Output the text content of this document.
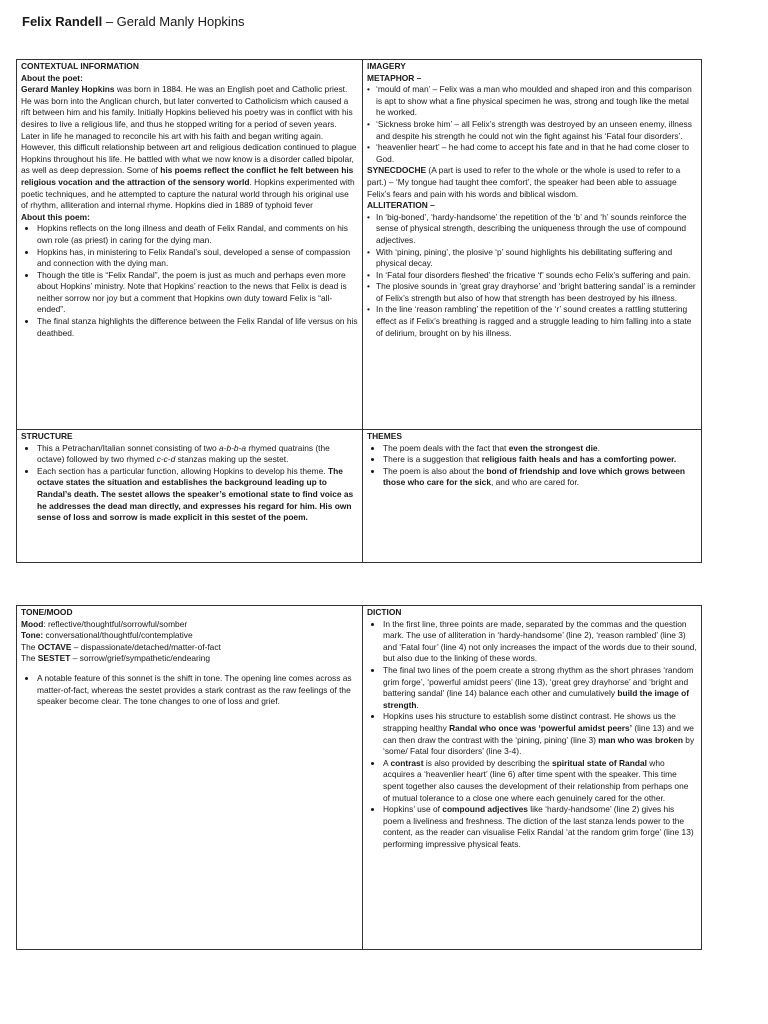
Felix Randell – Gerald Manly Hopkins
CONTEXTUAL INFORMATION
About the poet:

Gerard Manley Hopkins was born in 1884. He was an English poet and Catholic priest. He was born into the Anglican church, but later converted to Catholicism which caused a rift between him and his family. Initially Hopkins believed his poetry was in conflict with his desires to live a religious life, and thus he stopped writing for a period of seven years. Later in life he managed to reconcile his art with his faith and began writing again. However, this difficult relationship between art and religious dedication continued to plague Hopkins throughout his life. He battled with what we now know is a disorder called bipolar, as well as deep depression. Some of his poems reflect the conflict he felt between his religious vocation and the attraction of the sensory world. Hopkins experimented with poetic techniques, and he attempted to capture the natural world through his original use of rhythm, alliteration and internal rhyme. Hopkins died in 1889 of typhoid fever

About this poem:
• Hopkins reflects on the long illness and death of Felix Randal, and comments on his own role (as priest) in caring for the dying man.
• Hopkins has, in ministering to Felix Randal’s soul, developed a sense of compassion and connection with the dying man.
• Though the title is “Felix Randal”, the poem is just as much and perhaps even more about Hopkins’ ministry. Note that Hopkins’ reaction to the news that Felix is dead is neither sorrow nor joy but a comment that Hopkins own duty toward Felix is “all-ended”.
• The final stanza highlights the difference between the Felix Randal of life versus on his deathbed.
IMAGERY
METAPHOR –
• ‘mould of man’ – Felix was a man who moulded and shaped iron and this comparison is apt to show what a fine physical specimen he was, strong and tough like the metal he worked.
• ‘Sickness broke him’ – all Felix’s strength was destroyed by an unseen enemy, illness and despite his strength he could not win the fight against his ‘Fatal four disorders’.
• ‘heavenlier heart’ – he had come to accept his fate and in that he had come closer to God.

SYNECDOCHE (A part is used to refer to the whole or the whole is used to refer to a part.) – ‘My tongue had taught thee comfort’, the speaker had been able to assuage Felix’s fears and pain with his words and biblical wisdom.

ALLITERATION –
• In ‘big-boned’, ‘hardy-handsome’ the repetition of the ‘b’ and ‘h’ sounds reinforce the sense of physical strength, describing the uniqueness through the use of compound adjectives.
• With ‘pining, pining’, the plosive ‘p’ sound highlights his debilitating suffering and physical decay.
• In ‘Fatal four disorders fleshed’ the fricative ‘f’ sounds echo Felix’s suffering and pain.
• The plosive sounds in ‘great gray drayhorse’ and ‘bright battering sandal’ is a reminder of Felix’s strength but also of how that strength has been destroyed by his illness.
• In the line ‘reason rambling’ the repetition of the ‘r’ sound creates a rattling stuttering effect as if Felix’s breathing is ragged and a struggle leading to him falling into a state of delirium, brought on by his illness.
STRUCTURE
• This a Petrachan/Italian sonnet consisting of two a-b-b-a rhymed quatrains (the octave) followed by two rhymed c-c-d stanzas making up the sestet.
• Each section has a particular function, allowing Hopkins to develop his theme. The octave states the situation and establishes the background leading up to Randal’s death. The sestet allows the speaker’s emotional state to find voice as he addresses the dead man directly, and expresses his regard for him. His own sense of loss and sorrow is made explicit in this sestet of the poem.
THEMES
• The poem deals with the fact that even the strongest die.
• There is a suggestion that religious faith heals and has a comforting power.
• The poem is also about the bond of friendship and love which grows between those who care for the sick, and who are cared for.
TONE/MOOD

Mood: reflective/thoughtful/sorrowful/somber

Tone: conversational/thoughtful/contemplative

The OCTAVE – dispassionate/detached/matter-of-fact

The SESTET – sorrow/grief/sympathetic/endearing

• A notable feature of this sonnet is the shift in tone. The opening line comes across as matter-of-fact, whereas the sestet provides a stark contrast as the raw feelings of the speaker become clear. The tone changes to one of loss and grief.
DICTION
• In the first line, three points are made, separated by the commas and the question mark. The use of alliteration in ‘hardy-handsome’ (line 2), ‘reason rambled’ (line 3) and ‘Fatal four’ (line 4) not only increases the impact of the words due to their sound, but also due to the linking of these words.
• The final two lines of the poem create a strong rhythm as the short phrases ‘random grim forge’, ‘powerful amidst peers’ (line 13), ‘great grey drayhorse’ and ‘bright and battering sandal’ (line 14) balance each other and cumulatively build the image of strength.
• Hopkins uses his structure to establish some distinct contrast. He shows us the strapping healthy Randal who once was ‘powerful amidst peers’ (line 13) and we can then draw the contrast with the ‘pining, pining’ (line 3) man who was broken by ‘some/ Fatal four disorders’ (line 3-4).
• A contrast is also provided by describing the spiritual state of Randal who acquires a ‘heavenlier heart’ (line 6) after time spent with the speaker. This time spent together also causes the development of their relationship from perhaps one of mutual tolerance to a close one where each genuinely cared for the other.
• Hopkins’ use of compound adjectives like ‘hardy-handsome’ (line 2) gives his poem a liveliness and freshness. The diction of the last stanza lends power to the content, as the reader can visualise Felix Randal ‘at the random grim forge’ (line 13) performing impressive physical feats.
